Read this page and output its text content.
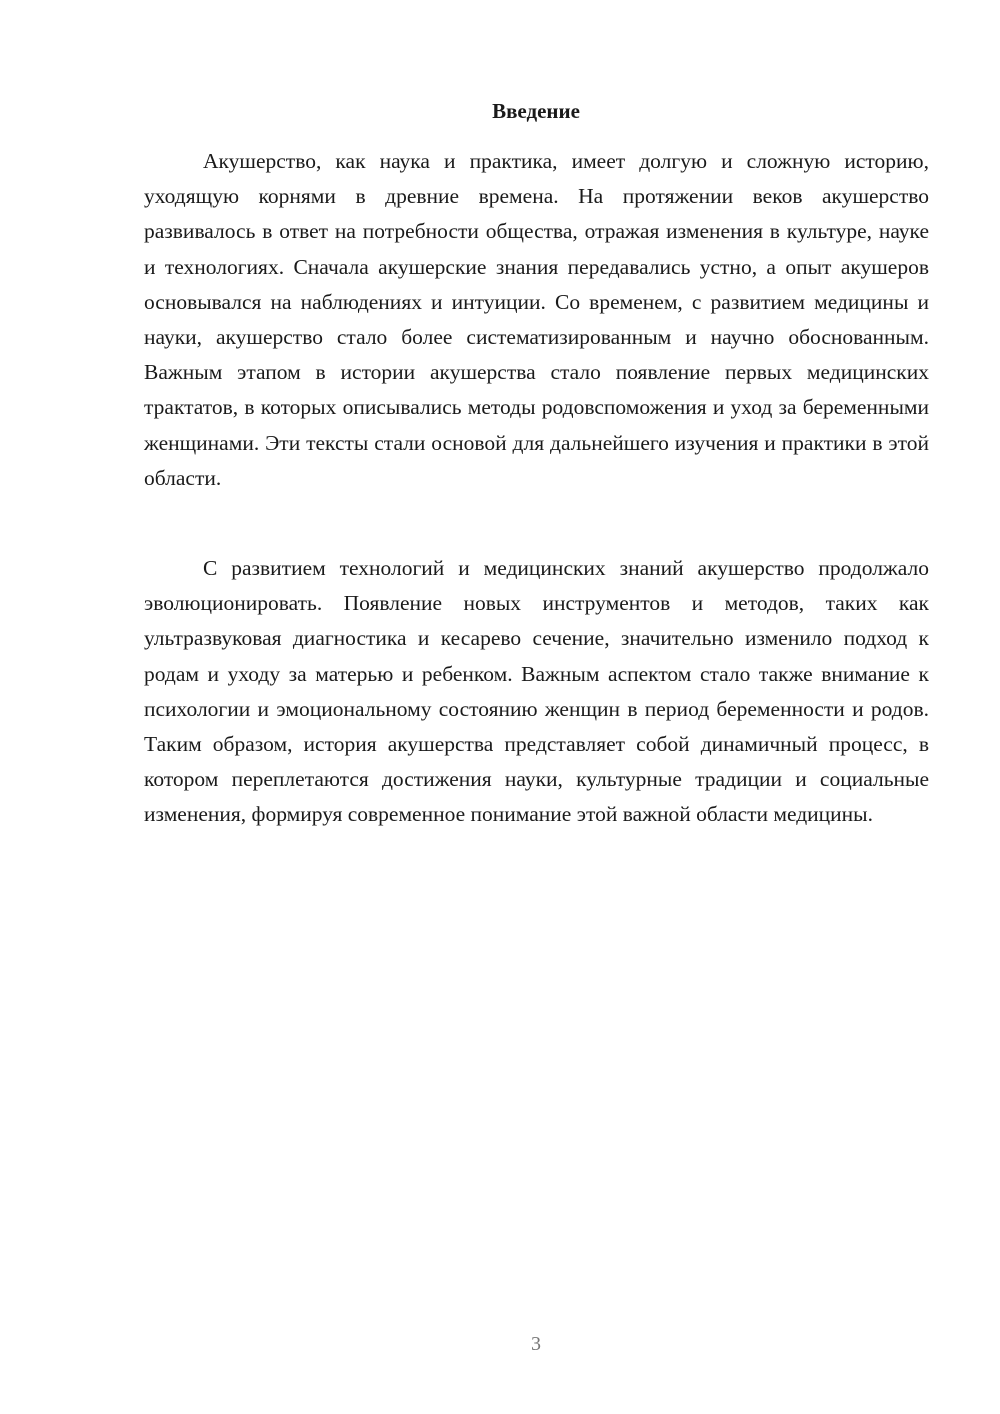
Введение

Акушерство, как наука и практика, имеет долгую и сложную историю, уходящую корнями в древние времена. На протяжении веков акушерство развивалось в ответ на потребности общества, отражая изменения в культуре, науке и технологиях. Сначала акушерские знания передавались устно, а опыт акушеров основывался на наблюдениях и интуиции. Со временем, с развитием медицины и науки, акушерство стало более систематизированным и научно обоснованным. Важным этапом в истории акушерства стало появление первых медицинских трактатов, в которых описывались методы родовспоможения и уход за беременными женщинами. Эти тексты стали основой для дальнейшего изучения и практики в этой области.

С развитием технологий и медицинских знаний акушерство продолжало эволюционировать. Появление новых инструментов и методов, таких как ультразвуковая диагностика и кесарево сечение, значительно изменило подход к родам и уходу за матерью и ребенком. Важным аспектом стало также внимание к психологии и эмоциональному состоянию женщин в период беременности и родов. Таким образом, история акушерства представляет собой динамичный процесс, в котором переплетаются достижения науки, культурные традиции и социальные изменения, формируя современное понимание этой важной области медицины.

3
